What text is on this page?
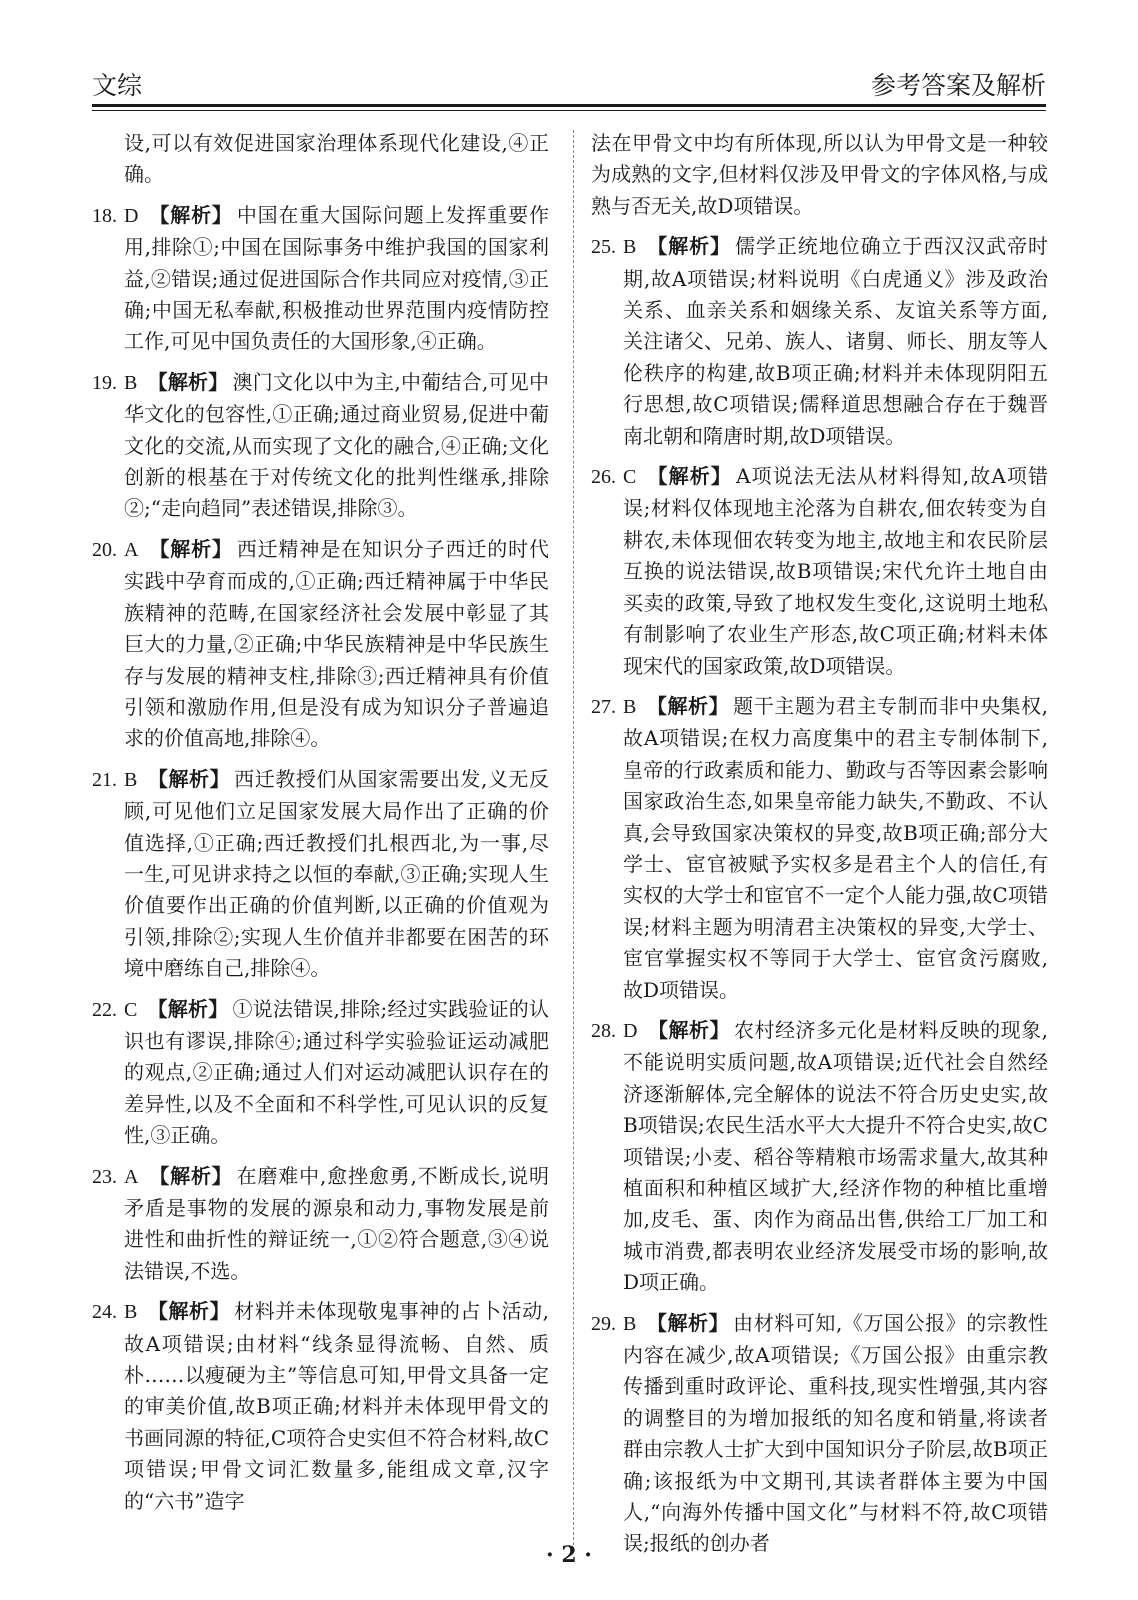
文综	参考答案及解析
设,可以有效促进国家治理体系现代化建设,④正确。
18. D 【解析】 中国在重大国际问题上发挥重要作用,排除①;中国在国际事务中维护我国的国家利益,②错误;通过促进国际合作共同应对疫情,③正确;中国无私奉献,积极推动世界范围内疫情防控工作,可见中国负责任的大国形象,④正确。
19. B 【解析】 澳门文化以中为主,中葡结合,可见中华文化的包容性,①正确;通过商业贸易,促进中葡文化的交流,从而实现了文化的融合,④正确;文化创新的根基在于对传统文化的批判性继承,排除②;“走向趋同”表述错误,排除③。
20. A 【解析】 西迁精神是在知识分子西迁的时代实践中孕育而成的,①正确;西迁精神属于中华民族精神的范畴,在国家经济社会发展中彰显了其巨大的力量,②正确;中华民族精神是中华民族生存与发展的精神支柱,排除③;西迁精神具有价值引领和激励作用,但是没有成为知识分子普遍追求的价值高地,排除④。
21. B 【解析】 西迁教授们从国家需要出发,义无反顾,可见他们立足国家发展大局作出了正确的价值选择,①正确;西迁教授们扎根西北,为一事,尽一生,可见讲求持之以恒的奉献,③正确;实现人生价值要作出正确的价值判断,以正确的价值观为引领,排除②;实现人生价值并非都要在困苦的环境中磨练自己,排除④。
22. C 【解析】 ①说法错误,排除;经过实践验证的认识也有谬误,排除④;通过科学实验验证运动减肥的观点,②正确;通过人们对运动减肥认识存在的差异性,以及不全面和不科学性,可见认识的反复性,③正确。
23. A 【解析】 在磨难中,愈挫愈勇,不断成长,说明矛盾是事物的发展的源泉和动力,事物发展是前进性和曲折性的辩证统一,①②符合题意,③④说法错误,不选。
24. B 【解析】 材料并未体现敬鬼事神的占卜活动,故A项错误;由材料“线条显得流畅、自然、质朴……以瘦硬为主”等信息可知,甲骨文具备一定的审美价值,故B项正确;材料并未体现甲骨文的书画同源的特征,C项符合史实但不符合材料,故C项错误;甲骨文词汇数量多,能组成文章,汉字的“六书”造字
法在甲骨文中均有所体现,所以认为甲骨文是一种较为成熟的文字,但材料仅涉及甲骨文的字体风格,与成熟与否无关,故D项错误。
25. B 【解析】 儒学正统地位确立于西汉汉武帝时期,故A项错误;材料说明《白虎通义》涉及政治关系、血亲关系和姻缘关系、友谊关系等方面,关注诸父、兄弟、族人、诸舅、师长、朋友等人伦秩序的构建,故B项正确;材料并未体现阴阳五行思想,故C项错误;儒释道思想融合存在于魏晋南北朝和隋唐时期,故D项错误。
26. C 【解析】 A项说法无法从材料得知,故A项错误;材料仅体现地主沦落为自耕农,佃农转变为自耕农,未体现佃农转变为地主,故地主和农民阶层互换的说法错误,故B项错误;宋代允许土地自由买卖的政策,导致了地权发生变化,这说明土地私有制影响了农业生产形态,故C项正确;材料未体现宋代的国家政策,故D项错误。
27. B 【解析】 题干主题为君主专制而非中央集权,故A项错误;在权力高度集中的君主专制体制下,皇帝的行政素质和能力、勤政与否等因素会影响国家政治生态,如果皇帝能力缺失,不勤政、不认真,会导致国家决策权的异变,故B项正确;部分大学士、宦官被赋予实权多是君主个人的信任,有实权的大学士和宦官不一定个人能力强,故C项错误;材料主题为明清君主决策权的异变,大学士、宦官掌握实权不等同于大学士、宦官贪污腐败,故D项错误。
28. D 【解析】 农村经济多元化是材料反映的现象,不能说明实质问题,故A项错误;近代社会自然经济逐渐解体,完全解体的说法不符合历史史实,故B项错误;农民生活水平大大提升不符合史实,故C项错误;小麦、稻谷等精粮市场需求量大,故其种植面积和种植区域扩大,经济作物的种植比重增加,皮毛、蛋、肉作为商品出售,供给工厂加工和城市消费,都表明农业经济发展受市场的影响,故D项正确。
29. B 【解析】 由材料可知,《万国公报》的宗教性内容在减少,故A项错误;《万国公报》由重宗教传播到重时政评论、重科技,现实性增强,其内容的调整目的为增加报纸的知名度和销量,将读者群由宗教人士扩大到中国知识分子阶层,故B项正确;该报纸为中文期刊,其读者群体主要为中国人,“向海外传播中国文化”与材料不符,故C项错误;报纸的创办者
· 2 ·
